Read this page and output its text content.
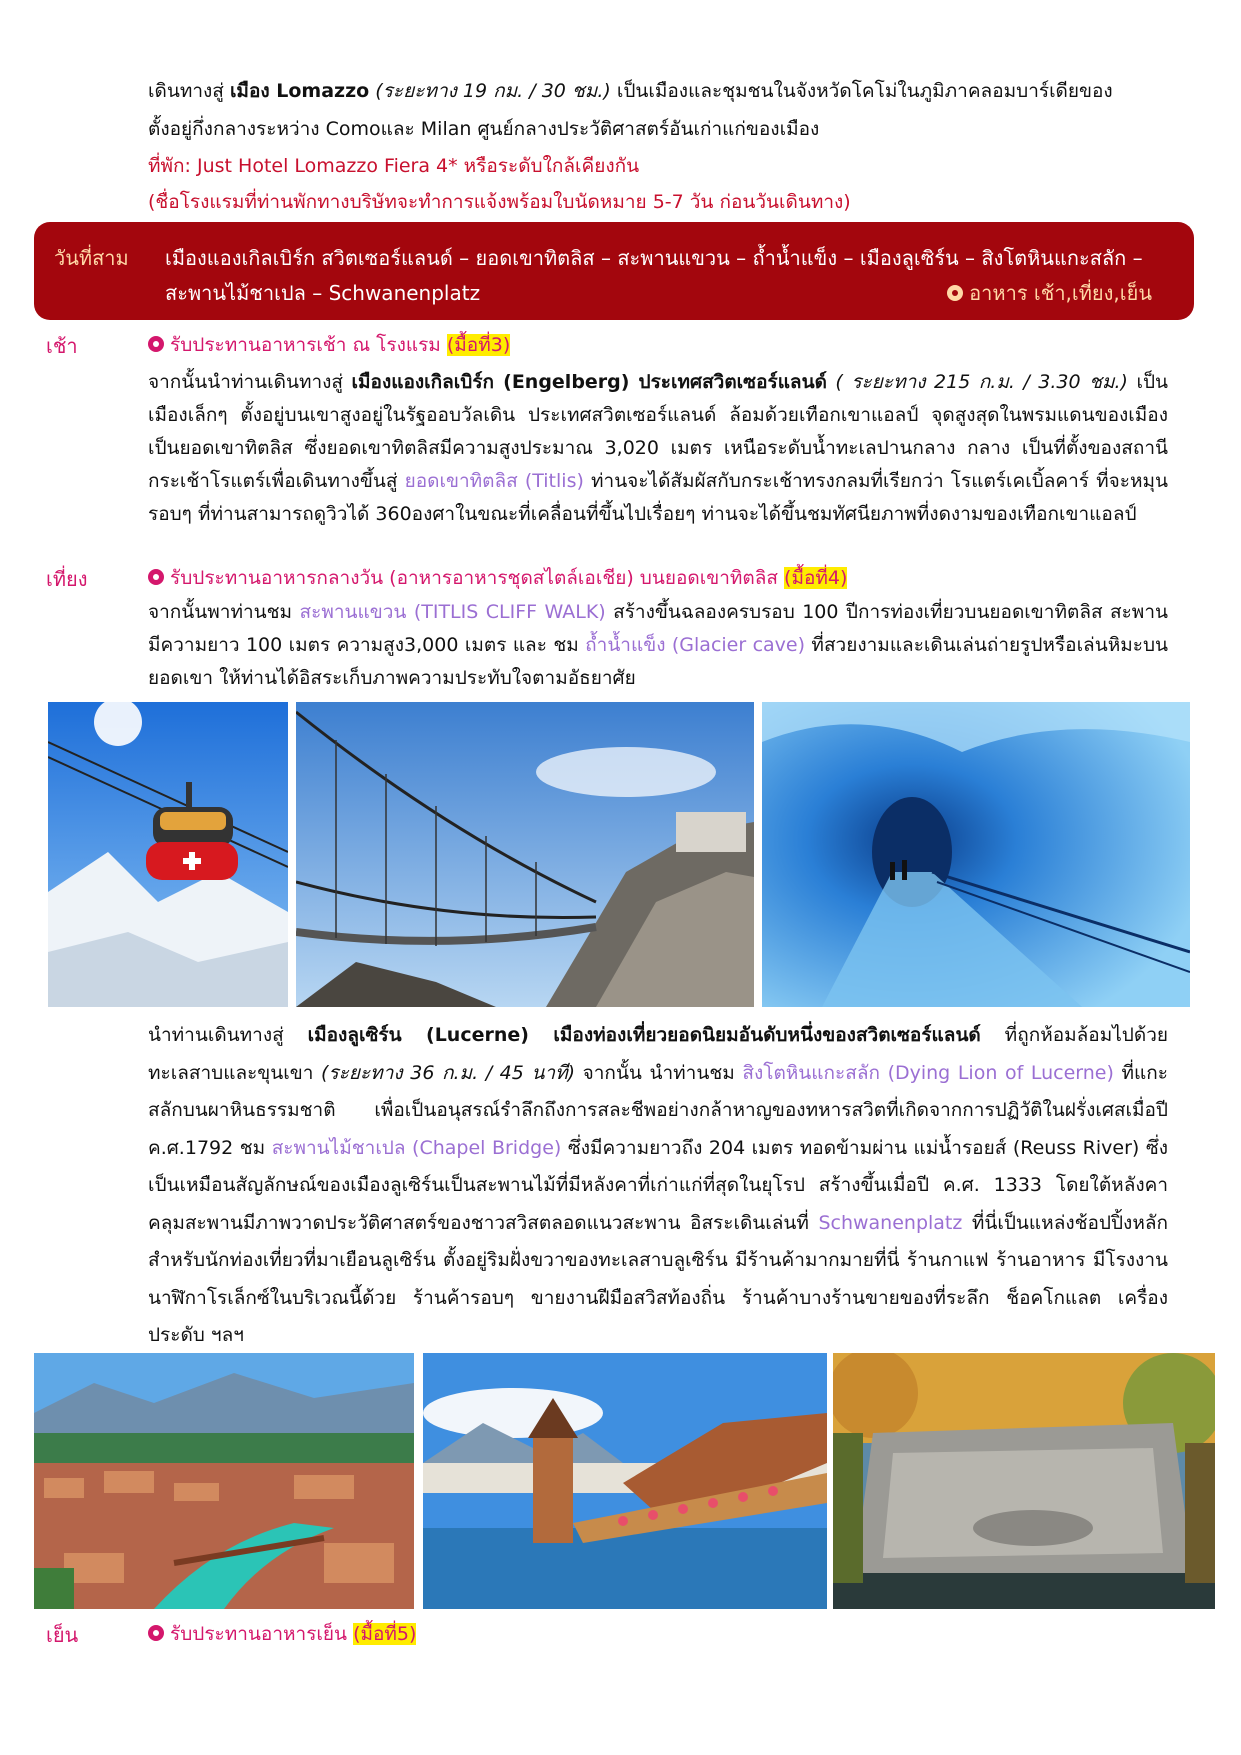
เดินทางสู่ เมือง Lomazzo (ระยะทาง 19 กม. / 30 ชม.) เป็นเมืองและชุมชนในจังหวัดโคโม่ในภูมิภาคลอมบาร์เดียของ
ตั้งอยู่กึ่งกลางระหว่าง Comoและ Milan ศูนย์กลางประวัติศาสตร์อันเก่าแก่ของเมือง
ที่พัก: Just Hotel Lomazzo Fiera 4* หรือระดับใกล้เคียงกัน
(ชื่อโรงแรมที่ท่านพักทางบริษัทจะทำการแจ้งพร้อมใบนัดหมาย 5-7 วัน ก่อนวันเดินทาง)
วันที่สาม เมืองแองเกิลเบิร์ก สวิตเซอร์แลนด์ – ยอดเขาทิตลิส – สะพานแขวน – ถ้ำน้ำแข็ง – เมืองลูเซิร์น – สิงโตหินแกะสลัก –
สะพานไม้ชาเปล – Schwanenplatz	อาหาร เช้า,เที่ยง,เย็น
เช้า	รับประทานอาหารเช้า ณ โรงแรม (มื้อที่3)
จากนั้นนำท่านเดินทางสู่ เมืองแองเกิลเบิร์ก (Engelberg) ประเทศสวิตเซอร์แลนด์ ( ระยะทาง 215 ก.ม. / 3.30 ชม.) เป็นเมืองเล็กๆ ตั้งอยู่บนเขาสูงอยู่ในรัฐออบวัลเดิน ประเทศสวิตเซอร์แลนด์ ล้อมด้วยเทือกเขาแอลป์ จุดสูงสุดในพรมแดนของเมืองเป็นยอดเขาทิตลิส ซึ่งยอดเขาทิตลิสมีความสูงประมาณ 3,020 เมตร เหนือระดับน้ำทะเลปานกลาง กลาง เป็นที่ตั้งของสถานีกระเช้าโรแตร์เพื่อเดินทางขึ้นสู่ ยอดเขาทิตลิส (Titlis) ท่านจะได้สัมผัสกับกระเช้าทรงกลมที่เรียกว่า โรแตร์เคเบิ้ลคาร์ ที่จะหมุนรอบๆ ที่ท่านสามารถดูวิวได้ 360องศาในขณะที่เคลื่อนที่ขึ้นไปเรื่อยๆ ท่านจะได้ขึ้นชมทัศนียภาพที่งดงามของเทือกเขาแอลป์
เที่ยง	รับประทานอาหารกลางวัน (อาหารอาหารชุดสไตล์เอเชีย) บนยอดเขาทิตลิส (มื้อที่4)
จากนั้นพาท่านชม สะพานแขวน (TITLIS CLIFF WALK) สร้างขึ้นฉลองครบรอบ 100 ปีการท่องเที่ยวบนยอดเขาทิตลิส สะพานมีความยาว 100 เมตร ความสูง3,000 เมตร และ ชม ถ้ำน้ำแข็ง (Glacier cave) ที่สวยงามและเดินเล่นถ่ายรูปหรือเล่นหิมะบนยอดเขา ให้ท่านได้อิสระเก็บภาพความประทับใจตามอัธยาศัย
นำท่านเดินทางสู่ เมืองลูเซิร์น (Lucerne) เมืองท่องเที่ยวยอดนิยมอันดับหนึ่งของสวิตเซอร์แลนด์ ที่ถูกห้อมล้อมไปด้วยทะเลสาบและขุนเขา (ระยะทาง 36 ก.ม. / 45 นาที) จากนั้น นำท่านชม สิงโตหินแกะสลัก (Dying Lion of Lucerne) ที่แกะสลักบนผาหินธรรมชาติ เพื่อเป็นอนุสรณ์รำลึกถึงการสละชีพอย่างกล้าหาญของทหารสวิตที่เกิดจากการปฏิวัติในฝรั่งเศสเมื่อปี ค.ศ.1792 ชม สะพานไม้ชาเปล (Chapel Bridge) ซึ่งมีความยาวถึง 204 เมตร ทอดข้ามผ่าน แม่น้ำรอยส์ (Reuss River) ซึ่งเป็นเหมือนสัญลักษณ์ของเมืองลูเซิร์นเป็นสะพานไม้ที่มีหลังคาที่เก่าแก่ที่สุดในยุโรป สร้างขึ้นเมื่อปี ค.ศ. 1333 โดยใต้หลังคาคลุมสะพานมีภาพวาดประวัติศาสตร์ของชาวสวิสตลอดแนวสะพาน อิสระเดินเล่นที่ Schwanenplatz ที่นี่เป็นแหล่งช้อปปิ้งหลักสำหรับนักท่องเที่ยวที่มาเยือนลูเซิร์น ตั้งอยู่ริมฝั่งขวาของทะเลสาบลูเซิร์น มีร้านค้ามากมายที่นี่ ร้านกาแฟ ร้านอาหาร มีโรงงานนาฬิกาโรเล็กซ์ในบริเวณนี้ด้วย ร้านค้ารอบๆ ขายงานฝีมือสวิสท้องถิ่น ร้านค้าบางร้านขายของที่ระลึก ช็อคโกแลต เครื่องประดับ ฯลฯ
เย็น	รับประทานอาหารเย็น (มื้อที่5)
